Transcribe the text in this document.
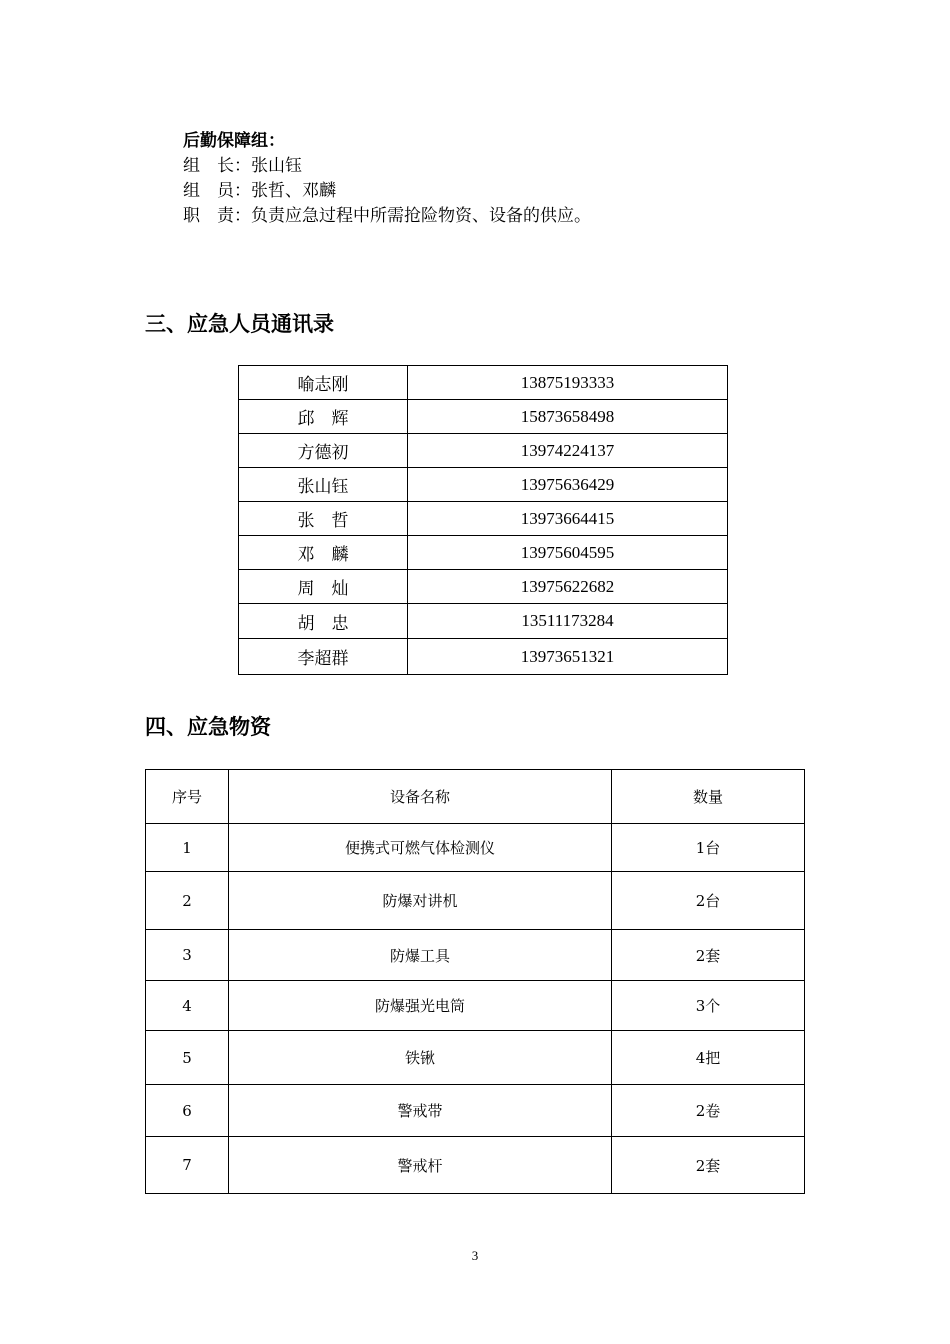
后勤保障组：
组　长：张山钰
组　员：张哲、邓麟
职　责：负责应急过程中所需抢险物资、设备的供应。
三、应急人员通讯录
喻志刚	13875193333
邱　辉	15873658498
方德初	13974224137
张山钰	13975636429
张　哲	13973664415
邓　麟	13975604595
周　灿	13975622682
胡　忠	13511173284
李超群	13973651321
四、应急物资
序号	设备名称	数量
1	便携式可燃气体检测仪	1台
2	防爆对讲机	2台
3	防爆工具	2套
4	防爆强光电筒	3个
5	铁锹	4把
6	警戒带	2卷
7	警戒杆	2套
3
